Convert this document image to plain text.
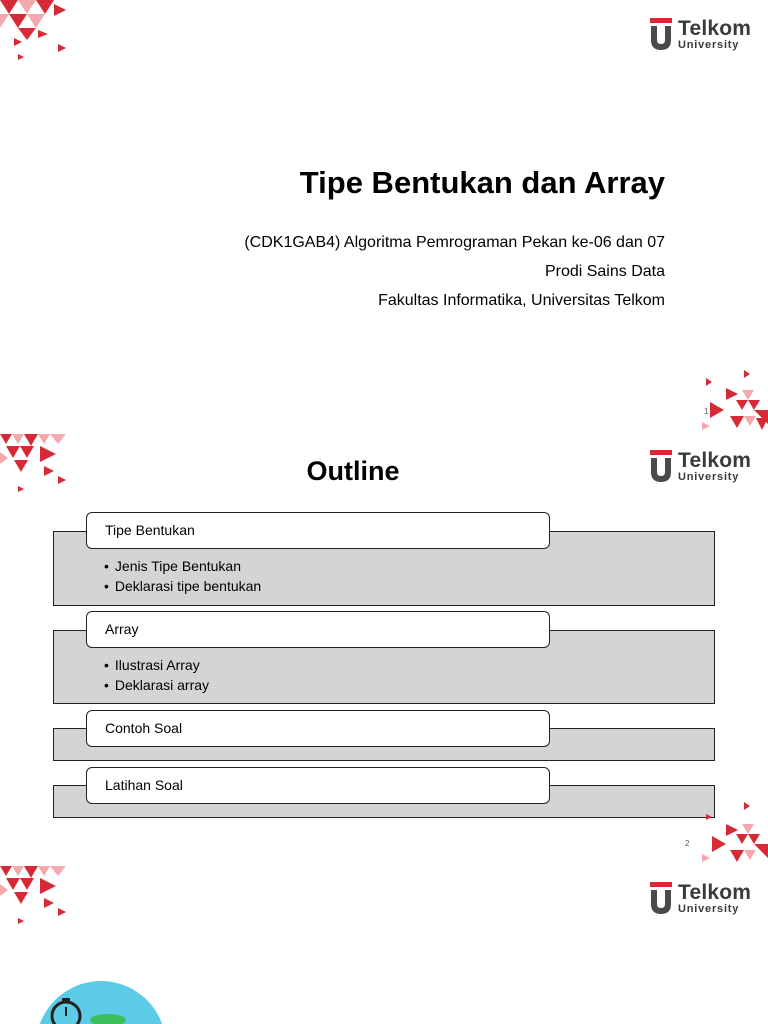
Telkom
University
Tipe Bentukan dan Array
(CDK1GAB4) Algoritma Pemrograman Pekan ke-06 dan 07
Prodi Sains Data
Fakultas Informatika, Universitas Telkom
1
Telkom
University
Outline
Tipe Bentukan
• Jenis Tipe Bentukan
• Deklarasi tipe bentukan
Array
• Ilustrasi Array
• Deklarasi array
Contoh Soal
Latihan Soal
2
Telkom
University
